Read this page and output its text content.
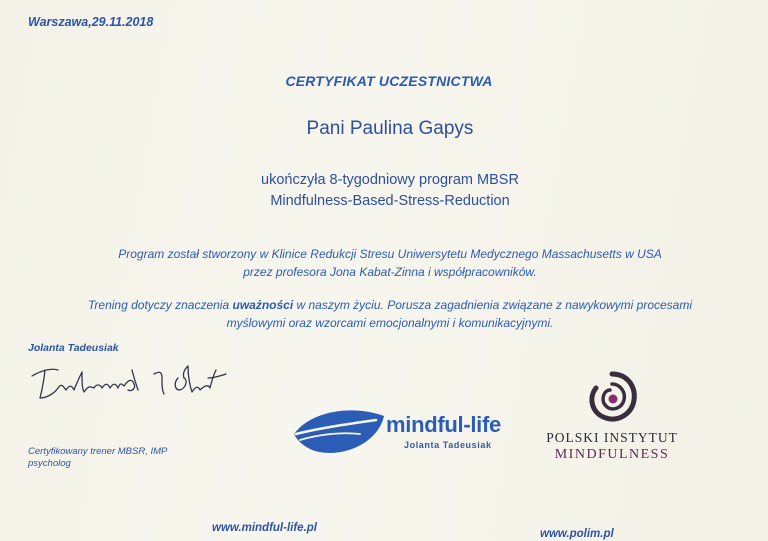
Warszawa,29.11.2018
CERTYFIKAT UCZESTNICTWA
Pani Paulina Gapys
ukończyła 8-tygodniowy program MBSR
Mindfulness-Based-Stress-Reduction
Program został stworzony w Klinice Redukcji Stresu Uniwersytetu Medycznego Massachusetts w USA
przez profesora Jona Kabat-Zinna i współpracowników.
Trening dotyczy znaczenia uważności w naszym życiu. Porusza zagadnienia związane z nawykowymi procesami
myślowymi oraz wzorcami emocjonalnymi i komunikacyjnymi.
Jolanta Tadeusiak
Certyfikowany trener MBSR, IMP
psycholog
mindful-life
Jolanta Tadeusiak	POLSKI INSTYTUT
MINDFULNESS
www.mindful-life.pl	www.polim.pl
